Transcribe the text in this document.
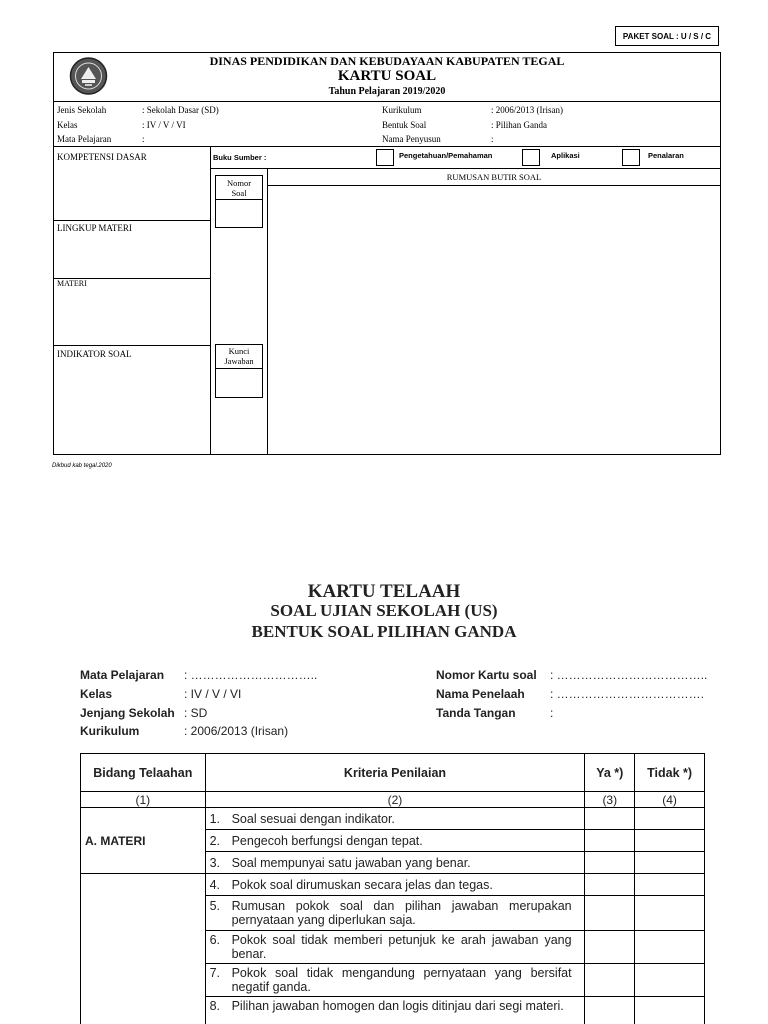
PAKET SOAL : U / S / C
DINAS PENDIDIKAN DAN KEBUDAYAAN KABUPATEN TEGAL
KARTU SOAL
Tahun Pelajaran 2019/2020
Jenis Sekolah	: Sekolah Dasar (SD)
Kelas	: IV / V / VI
Mata Pelajaran	:
Kurikulum	: 2006/2013 (Irisan)
Bentuk Soal	: Pilihan Ganda
Nama Penyusun	:
KOMPETENSI DASAR
LINGKUP MATERI
MATERI
INDIKATOR SOAL
Buku Sumber :	Pengetahuan/Pemahaman	Aplikasi	Penalaran
Nomor
Soal
Kunci
Jawaban
RUMUSAN BUTIR SOAL
Dikbud kab tegal.2020
KARTU TELAAH
SOAL UJIAN SEKOLAH (US)
BENTUK SOAL PILIHAN GANDA
Mata Pelajaran : …………………………..
Kelas	: IV / V / VI
Jenjang Sekolah : SD
Kurikulum	: 2006/2013 (Irisan)
Nomor Kartu soal : ………………………………..
Nama Penelaah : ……………………………….
Tanda Tangan	:
Bidang Telaahan	Kriteria Penilaian	Ya *)	Tidak *)
(1)	(2)	(3)	(4)
A. MATERI	1. Soal sesuai dengan indikator.		
	2. Pengecoh berfungsi dengan tepat.		
	3. Soal mempunyai satu jawaban yang benar.		
	4. Pokok soal dirumuskan secara jelas dan tegas.		
	5. Rumusan pokok soal dan pilihan jawaban merupakan pernyataan yang diperlukan saja.		
	6. Pokok soal tidak memberi petunjuk ke arah jawaban yang benar.		
	7. Pokok soal tidak mengandung pernyataan yang bersifat negatif ganda.		
	8. Pilihan jawaban homogen dan logis ditinjau dari segi materi.		
